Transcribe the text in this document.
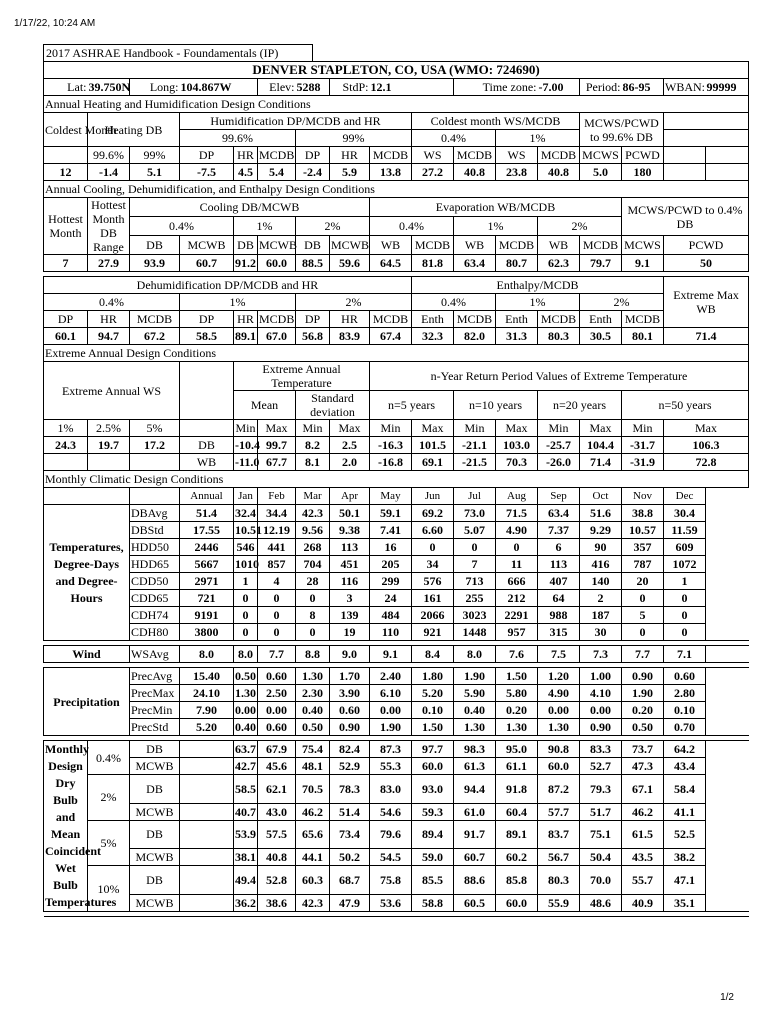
1/17/22, 10:24 AM
2017 ASHRAE Handbook - Foundamentals (IP)
DENVER STAPLETON, CO, USA (WMO: 724690)																
Lat:	39.750N	Long:	104.867W		Elev:	5288	StdP:	12.1		Time zone:		-7.00	Period:	86-95	WBAN:	99999
Annual Heating and Humidification Design Conditions																
Coldest Month	Heating DB		Humidification DP/MCDB and HR						Coldest month WS/MCDB				MCWS/PCWD to 99.6% DB			
			99.6%			99%			0.4%		1%					
	99.6%	99%	DP	HR	MCDB	DP	HR	MCDB	WS	MCDB	WS	MCDB	MCWS	PCWD		
12	-1.4	5.1	-7.5	4.5	5.4	-2.4	5.9	13.8	27.2	40.8	23.8	40.8	5.0	180		
Annual Cooling, Dehumidification, and Enthalpy Design Conditions																
Hottest Month	Hottest Month DB Range	Cooling DB/MCWB						Evaporation WB/MCDB						MCWS/PCWD to 0.4% DB		
		0.4%		1%		2%		0.4%		1%		2%				
		DB	MCWB	DB	MCWB	DB	MCWB	WB	MCDB	WB	MCDB	WB	MCDB	MCWS	PCWD	
7	27.9	93.9	60.7	91.2	60.0	88.5	59.6	64.5	81.8	63.4	80.7	62.3	79.7	9.1	50	

Dehumidification DP/MCDB and HR									Enthalpy/MCDB						Extreme Max WB	
0.4%			1%			2%			0.4%		1%		2%			
DP	HR	MCDB	DP	HR	MCDB	DP	HR	MCDB	Enth	MCDB	Enth	MCDB	Enth	MCDB		
60.1	94.7	67.2	58.5	89.1	67.0	56.8	83.9	67.4	32.3	82.0	31.3	80.3	30.5	80.1	71.4	
Extreme Annual Design Conditions																
Extreme Annual WS				Extreme Annual Temperature				n-Year Return Period Values of Extreme Temperature								
				Mean		Standard deviation										
								n=5 years		n=10 years		n=20 years		n=50 years		
1%	2.5%	5%		Min	Max	Min	Max	Min	Max	Min	Max	Min	Max	Min	Max	
24.3	19.7	17.2	DB	-10.4	99.7	8.2	2.5	-16.3	101.5	-21.1	103.0	-25.7	104.4	-31.7	106.3	
			WB	-11.0	67.7	8.1	2.0	-16.8	69.1	-21.5	70.3	-26.0	71.4	-31.9	72.8	
Monthly Climatic Design Conditions																
			Annual	Jan	Feb	Mar	Apr	May	Jun	Jul	Aug	Sep	Oct	Nov	Dec	
Temperatures, Degree-Days and Degree-Hours		DBAvg	51.4	32.4	34.4	42.3	50.1	59.1	69.2	73.0	71.5	63.4	51.6	38.8	30.4	
		DBStd	17.55	10.51	12.19	9.56	9.38	7.41	6.60	5.07	4.90	7.37	9.29	10.57	11.59	
		HDD50	2446	546	441	268	113	16	0	0	0	6	90	357	609	
		HDD65	5667	1010	857	704	451	205	34	7	11	113	416	787	1072	
		CDD50	2971	1	4	28	116	299	576	713	666	407	140	20	1	
		CDD65	721	0	0	0	3	24	161	255	212	64	2	0	0	
		CDH74	9191	0	0	8	139	484	2066	3023	2291	988	187	5	0	
		CDH80	3800	0	0	0	19	110	921	1448	957	315	30	0	0	

Wind		WSAvg	8.0	8.0	7.7	8.8	9.0	9.1	8.4	8.0	7.6	7.5	7.3	7.7	7.1	

Precipitation		PrecAvg	15.40	0.50	0.60	1.30	1.70	2.40	1.80	1.90	1.50	1.20	1.00	0.90	0.60	
		PrecMax	24.10	1.30	2.50	2.30	3.90	6.10	5.20	5.90	5.80	4.90	4.10	1.90	2.80	
		PrecMin	7.90	0.00	0.00	0.40	0.60	0.00	0.10	0.40	0.20	0.00	0.00	0.20	0.10	
		PrecStd	5.20	0.40	0.60	0.50	0.90	1.90	1.50	1.30	1.30	1.30	0.90	0.50	0.70	

Monthly Design Dry Bulb and Mean Coincident Wet Bulb Temperatures	0.4%	DB		63.7	67.9	75.4	82.4	87.3	97.7	98.3	95.0	90.8	83.3	73.7	64.2	
		MCWB		42.7	45.6	48.1	52.9	55.3	60.0	61.3	61.1	60.0	52.7	47.3	43.4	
	2%	DB		58.5	62.1	70.5	78.3	83.0	93.0	94.4	91.8	87.2	79.3	67.1	58.4	
		MCWB		40.7	43.0	46.2	51.4	54.6	59.3	61.0	60.4	57.7	51.7	46.2	41.1	
	5%	DB		53.9	57.5	65.6	73.4	79.6	89.4	91.7	89.1	83.7	75.1	61.5	52.5	
		MCWB		38.1	40.8	44.1	50.2	54.5	59.0	60.7	60.2	56.7	50.4	43.5	38.2	
	10%	DB		49.4	52.8	60.3	68.7	75.8	85.5	88.6	85.8	80.3	70.0	55.7	47.1	
		MCWB		36.2	38.6	42.3	47.9	53.6	58.8	60.5	60.0	55.9	48.6	40.9	35.1	

1/2
